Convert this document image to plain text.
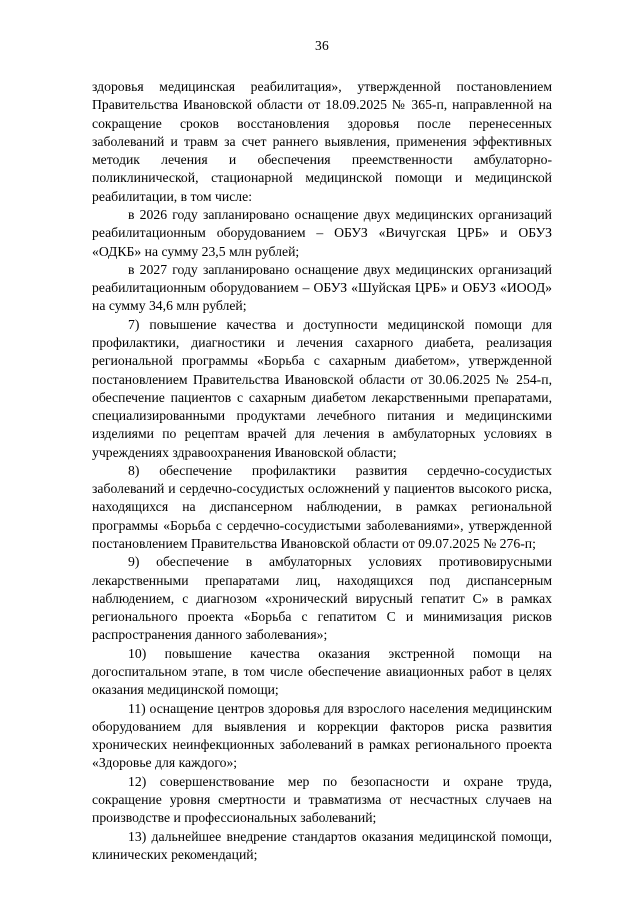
36

здоровья медицинская реабилитация», утвержденной постановлением Правительства Ивановской области от 18.09.2025 № 365-п, направленной на сокращение сроков восстановления здоровья после перенесенных заболеваний и травм за счет раннего выявления, применения эффективных методик лечения и обеспечения преемственности амбулаторно-поликлинической, стационарной медицинской помощи и медицинской реабилитации, в том числе:

в 2026 году запланировано оснащение двух медицинских организаций реабилитационным оборудованием – ОБУЗ «Вичугская ЦРБ» и ОБУЗ «ОДКБ» на сумму 23,5 млн рублей;

в 2027 году запланировано оснащение двух медицинских организаций реабилитационным оборудованием – ОБУЗ «Шуйская ЦРБ» и ОБУЗ «ИООД» на сумму 34,6 млн рублей;

7) повышение качества и доступности медицинской помощи для профилактики, диагностики и лечения сахарного диабета, реализация региональной программы «Борьба с сахарным диабетом», утвержденной постановлением Правительства Ивановской области от 30.06.2025 № 254-п, обеспечение пациентов с сахарным диабетом лекарственными препаратами, специализированными продуктами лечебного питания и медицинскими изделиями по рецептам врачей для лечения в амбулаторных условиях в учреждениях здравоохранения Ивановской области;

8) обеспечение профилактики развития сердечно-сосудистых заболеваний и сердечно-сосудистых осложнений у пациентов высокого риска, находящихся на диспансерном наблюдении, в рамках региональной программы «Борьба с сердечно-сосудистыми заболеваниями», утвержденной постановлением Правительства Ивановской области от 09.07.2025 № 276-п;

9) обеспечение в амбулаторных условиях противовирусными лекарственными препаратами лиц, находящихся под диспансерным наблюдением, с диагнозом «хронический вирусный гепатит С» в рамках регионального проекта «Борьба с гепатитом С и минимизация рисков распространения данного заболевания»;

10) повышение качества оказания экстренной помощи на догоспитальном этапе, в том числе обеспечение авиационных работ в целях оказания медицинской помощи;

11) оснащение центров здоровья для взрослого населения медицинским оборудованием для выявления и коррекции факторов риска развития хронических неинфекционных заболеваний в рамках регионального проекта «Здоровье для каждого»;

12) совершенствование мер по безопасности и охране труда, сокращение уровня смертности и травматизма от несчастных случаев на производстве и профессиональных заболеваний;

13) дальнейшее внедрение стандартов оказания медицинской помощи, клинических рекомендаций;
